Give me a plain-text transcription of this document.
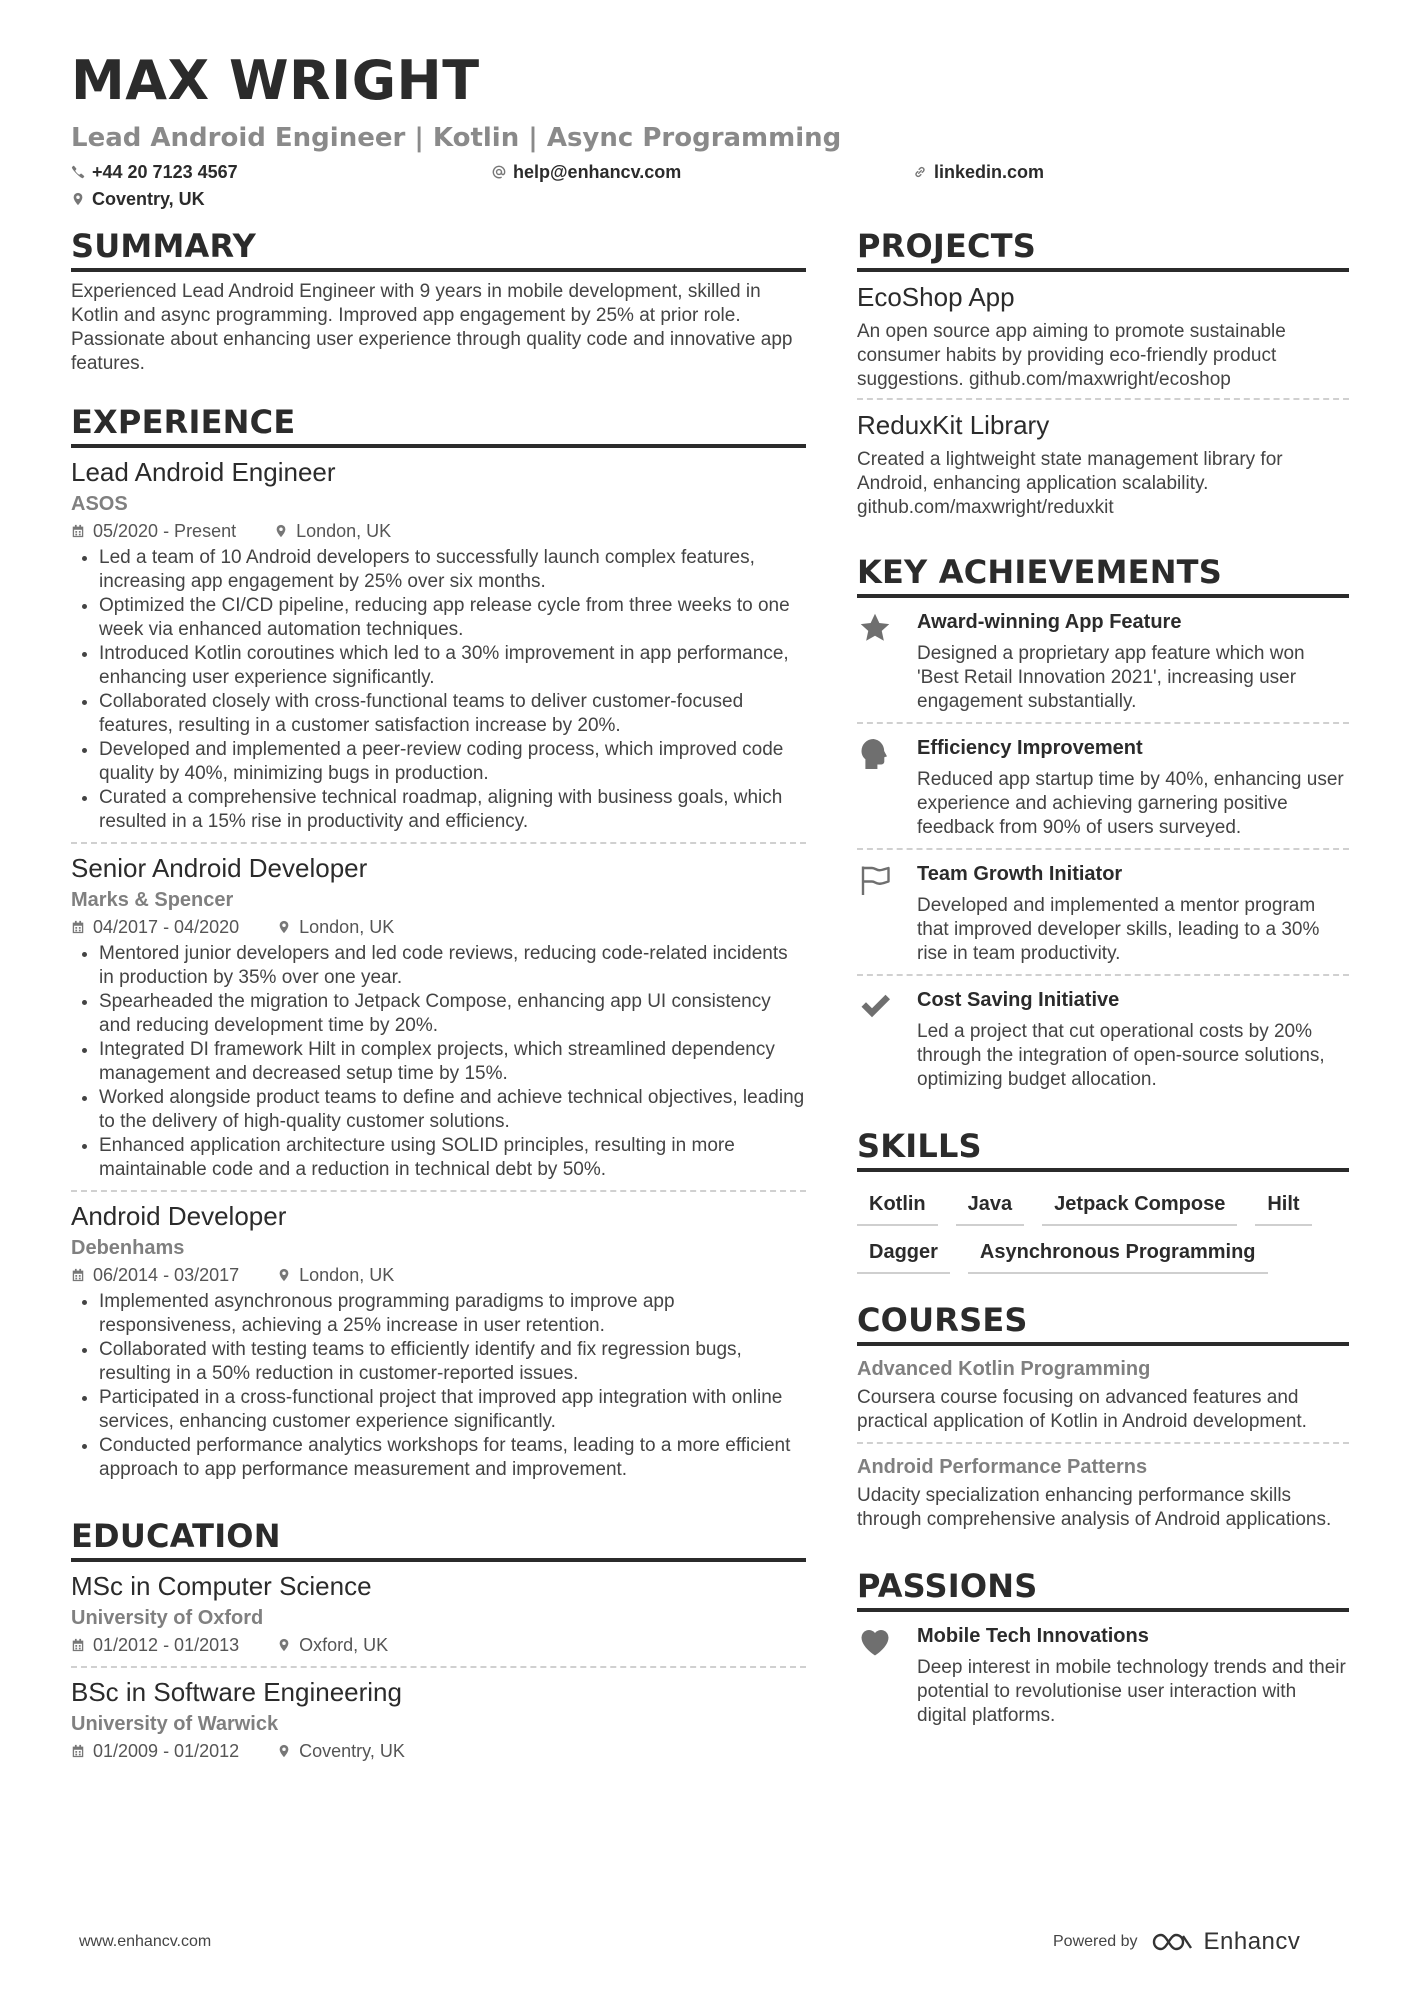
MAX WRIGHT
Lead Android Engineer | Kotlin | Async Programming
+44 20 7123 4567	help@enhancv.com	linkedin.com
Coventry, UK
SUMMARY
Experienced Lead Android Engineer with 9 years in mobile development, skilled in Kotlin and async programming. Improved app engagement by 25% at prior role. Passionate about enhancing user experience through quality code and innovative app features.
EXPERIENCE
Lead Android Engineer
ASOS
05/2020 - Present	London, UK
• Led a team of 10 Android developers to successfully launch complex features, increasing app engagement by 25% over six months.
• Optimized the CI/CD pipeline, reducing app release cycle from three weeks to one week via enhanced automation techniques.
• Introduced Kotlin coroutines which led to a 30% improvement in app performance, enhancing user experience significantly.
• Collaborated closely with cross-functional teams to deliver customer-focused features, resulting in a customer satisfaction increase by 20%.
• Developed and implemented a peer-review coding process, which improved code quality by 40%, minimizing bugs in production.
• Curated a comprehensive technical roadmap, aligning with business goals, which resulted in a 15% rise in productivity and efficiency.
Senior Android Developer
Marks & Spencer
04/2017 - 04/2020	London, UK
• Mentored junior developers and led code reviews, reducing code-related incidents in production by 35% over one year.
• Spearheaded the migration to Jetpack Compose, enhancing app UI consistency and reducing development time by 20%.
• Integrated DI framework Hilt in complex projects, which streamlined dependency management and decreased setup time by 15%.
• Worked alongside product teams to define and achieve technical objectives, leading to the delivery of high-quality customer solutions.
• Enhanced application architecture using SOLID principles, resulting in more maintainable code and a reduction in technical debt by 50%.
Android Developer
Debenhams
06/2014 - 03/2017	London, UK
• Implemented asynchronous programming paradigms to improve app responsiveness, achieving a 25% increase in user retention.
• Collaborated with testing teams to efficiently identify and fix regression bugs, resulting in a 50% reduction in customer-reported issues.
• Participated in a cross-functional project that improved app integration with online services, enhancing customer experience significantly.
• Conducted performance analytics workshops for teams, leading to a more efficient approach to app performance measurement and improvement.
EDUCATION
MSc in Computer Science
University of Oxford
01/2012 - 01/2013	Oxford, UK
BSc in Software Engineering
University of Warwick
01/2009 - 01/2012	Coventry, UK
PROJECTS
EcoShop App
An open source app aiming to promote sustainable consumer habits by providing eco-friendly product suggestions. github.com/maxwright/ecoshop
ReduxKit Library
Created a lightweight state management library for Android, enhancing application scalability. github.com/maxwright/reduxkit
KEY ACHIEVEMENTS
Award-winning App Feature
Designed a proprietary app feature which won 'Best Retail Innovation 2021', increasing user engagement substantially.
Efficiency Improvement
Reduced app startup time by 40%, enhancing user experience and achieving garnering positive feedback from 90% of users surveyed.
Team Growth Initiator
Developed and implemented a mentor program that improved developer skills, leading to a 30% rise in team productivity.
Cost Saving Initiative
Led a project that cut operational costs by 20% through the integration of open-source solutions, optimizing budget allocation.
SKILLS
Kotlin	Java	Jetpack Compose	Hilt
Dagger	Asynchronous Programming
COURSES
Advanced Kotlin Programming
Coursera course focusing on advanced features and practical application of Kotlin in Android development.
Android Performance Patterns
Udacity specialization enhancing performance skills through comprehensive analysis of Android applications.
PASSIONS
Mobile Tech Innovations
Deep interest in mobile technology trends and their potential to revolutionise user interaction with digital platforms.
www.enhancv.com	Powered by	Enhancv
